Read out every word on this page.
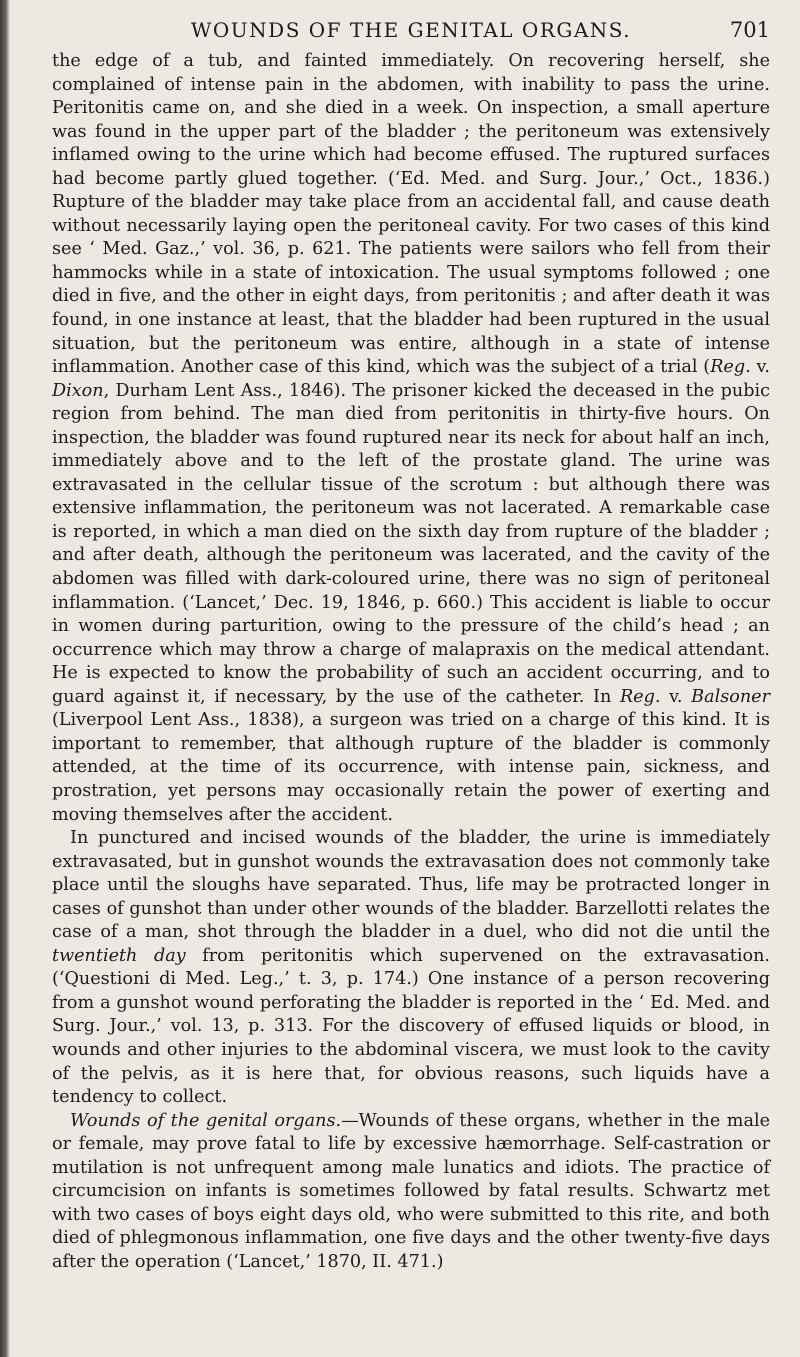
WOUNDS OF THE GENITAL ORGANS.	701

the edge of a tub, and fainted immediately. On recovering herself, she complained of intense pain in the abdomen, with inability to pass the urine. Peritonitis came on, and she died in a week. On inspection, a small aperture was found in the upper part of the bladder ; the peritoneum was extensively inflamed owing to the urine which had become effused. The ruptured surfaces had become partly glued together. (‘Ed. Med. and Surg. Jour.,’ Oct., 1836.) Rupture of the bladder may take place from an accidental fall, and cause death without necessarily laying open the peritoneal cavity. For two cases of this kind see ‘ Med. Gaz.,’ vol. 36, p. 621. The patients were sailors who fell from their hammocks while in a state of intoxication. The usual symptoms followed ; one died in five, and the other in eight days, from peritonitis ; and after death it was found, in one instance at least, that the bladder had been ruptured in the usual situation, but the peritoneum was entire, although in a state of intense inflammation. Another case of this kind, which was the subject of a trial (Reg. v. Dixon, Durham Lent Ass., 1846). The prisoner kicked the deceased in the pubic region from behind. The man died from peritonitis in thirty-five hours. On inspection, the bladder was found ruptured near its neck for about half an inch, immediately above and to the left of the prostate gland. The urine was extravasated in the cellular tissue of the scrotum : but although there was extensive inflammation, the peritoneum was not lacerated. A remarkable case is reported, in which a man died on the sixth day from rupture of the bladder ; and after death, although the peritoneum was lacerated, and the cavity of the abdomen was filled with dark-coloured urine, there was no sign of peritoneal inflammation. (‘Lancet,’ Dec. 19, 1846, p. 660.) This accident is liable to occur in women during parturition, owing to the pressure of the child’s head ; an occurrence which may throw a charge of malapraxis on the medical attendant. He is expected to know the probability of such an accident occurring, and to guard against it, if necessary, by the use of the catheter. In Reg. v. Balsoner (Liverpool Lent Ass., 1838), a surgeon was tried on a charge of this kind. It is important to remember, that although rupture of the bladder is commonly attended, at the time of its occurrence, with intense pain, sickness, and prostration, yet persons may occasionally retain the power of exerting and moving themselves after the accident.

In punctured and incised wounds of the bladder, the urine is immediately extravasated, but in gunshot wounds the extravasation does not commonly take place until the sloughs have separated. Thus, life may be protracted longer in cases of gunshot than under other wounds of the bladder. Barzellotti relates the case of a man, shot through the bladder in a duel, who did not die until the twentieth day from peritonitis which supervened on the extravasation. (‘Questioni di Med. Leg.,’ t. 3, p. 174.) One instance of a person recovering from a gunshot wound perforating the bladder is reported in the ‘ Ed. Med. and Surg. Jour.,’ vol. 13, p. 313. For the discovery of effused liquids or blood, in wounds and other injuries to the abdominal viscera, we must look to the cavity of the pelvis, as it is here that, for obvious reasons, such liquids have a tendency to collect.

Wounds of the genital organs.—Wounds of these organs, whether in the male or female, may prove fatal to life by excessive hæmorrhage. Self-castration or mutilation is not unfrequent among male lunatics and idiots. The practice of circumcision on infants is sometimes followed by fatal results. Schwartz met with two cases of boys eight days old, who were submitted to this rite, and both died of phlegmonous inflammation, one five days and the other twenty-five days after the operation (‘Lancet,’ 1870, II. 471.)
